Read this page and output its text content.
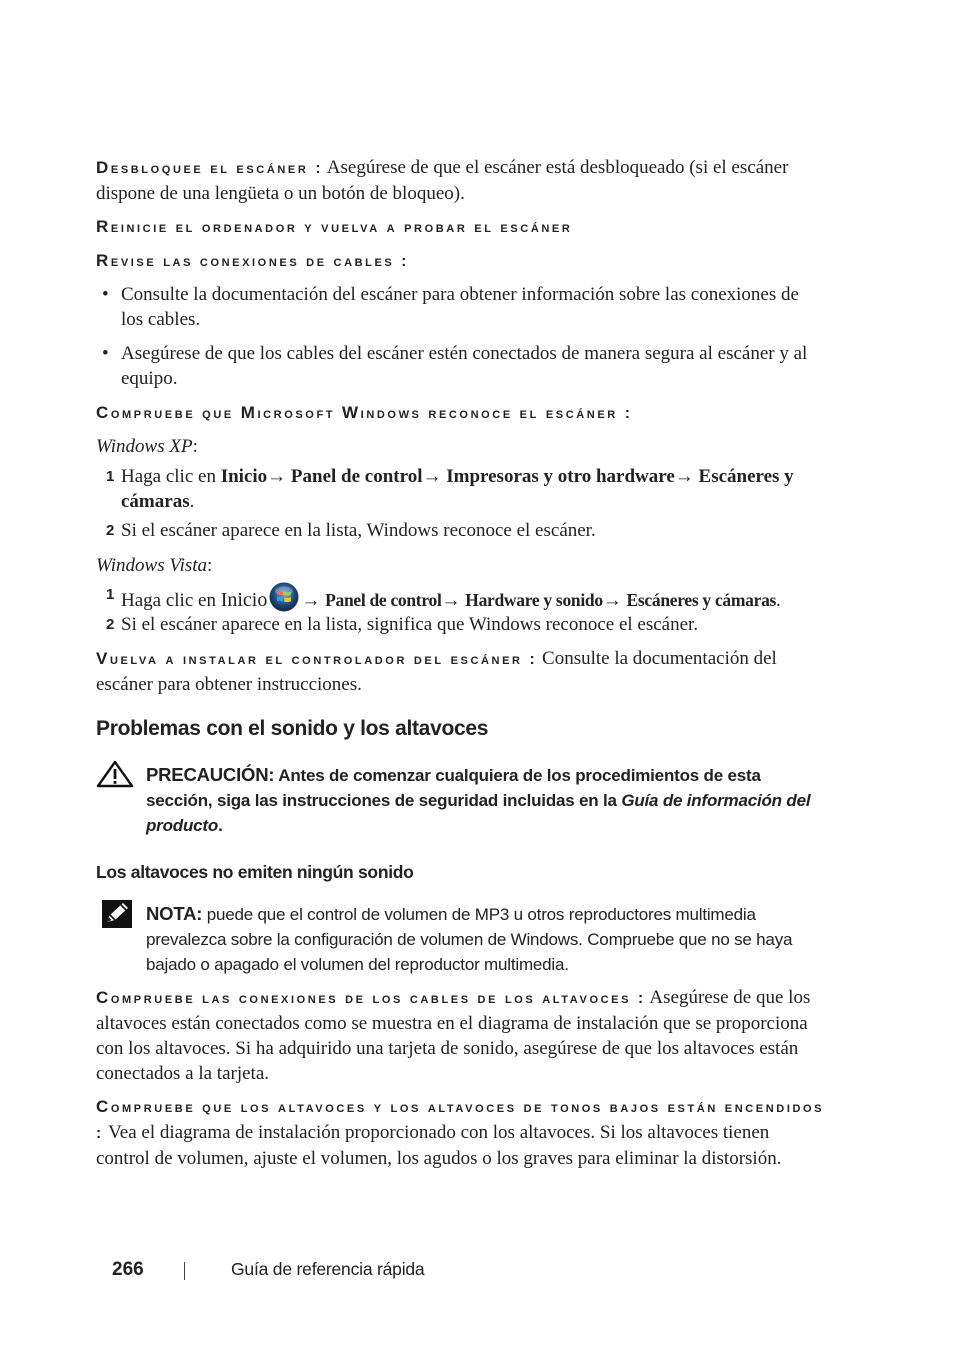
Desbloquee el escáner : Asegúrese de que el escáner está desbloqueado (si el escáner dispone de una lengüeta o un botón de bloqueo).
Reinicie el ordenador y vuelva a probar el escáner
Revise las conexiones de cables :
• Consulte la documentación del escáner para obtener información sobre las conexiones de los cables.
• Asegúrese de que los cables del escáner estén conectados de manera segura al escáner y al equipo.
Compruebe que Microsoft Windows reconoce el escáner :
Windows XP:
1 Haga clic en Inicio→ Panel de control→ Impresoras y otro hardware→ Escáneres y cámaras.
2 Si el escáner aparece en la lista, Windows reconoce el escáner.
Windows Vista:
1 Haga clic en Inicio → Panel de control→ Hardware y sonido→ Escáneres y cámaras.
2 Si el escáner aparece en la lista, significa que Windows reconoce el escáner.
Vuelva a instalar el controlador del escáner : Consulte la documentación del escáner para obtener instrucciones.
Problemas con el sonido y los altavoces
PRECAUCIÓN: Antes de comenzar cualquiera de los procedimientos de esta sección, siga las instrucciones de seguridad incluidas en la Guía de información del producto.
Los altavoces no emiten ningún sonido
NOTA: puede que el control de volumen de MP3 u otros reproductores multimedia prevalezca sobre la configuración de volumen de Windows. Compruebe que no se haya bajado o apagado el volumen del reproductor multimedia.
Compruebe las conexiones de los cables de los altavoces : Asegúrese de que los altavoces están conectados como se muestra en el diagrama de instalación que se proporciona con los altavoces. Si ha adquirido una tarjeta de sonido, asegúrese de que los altavoces están conectados a la tarjeta.
Compruebe que los altavoces y los altavoces de tonos bajos están encendidos : Vea el diagrama de instalación proporcionado con los altavoces. Si los altavoces tienen control de volumen, ajuste el volumen, los agudos o los graves para eliminar la distorsión.
266	Guía de referencia rápida
